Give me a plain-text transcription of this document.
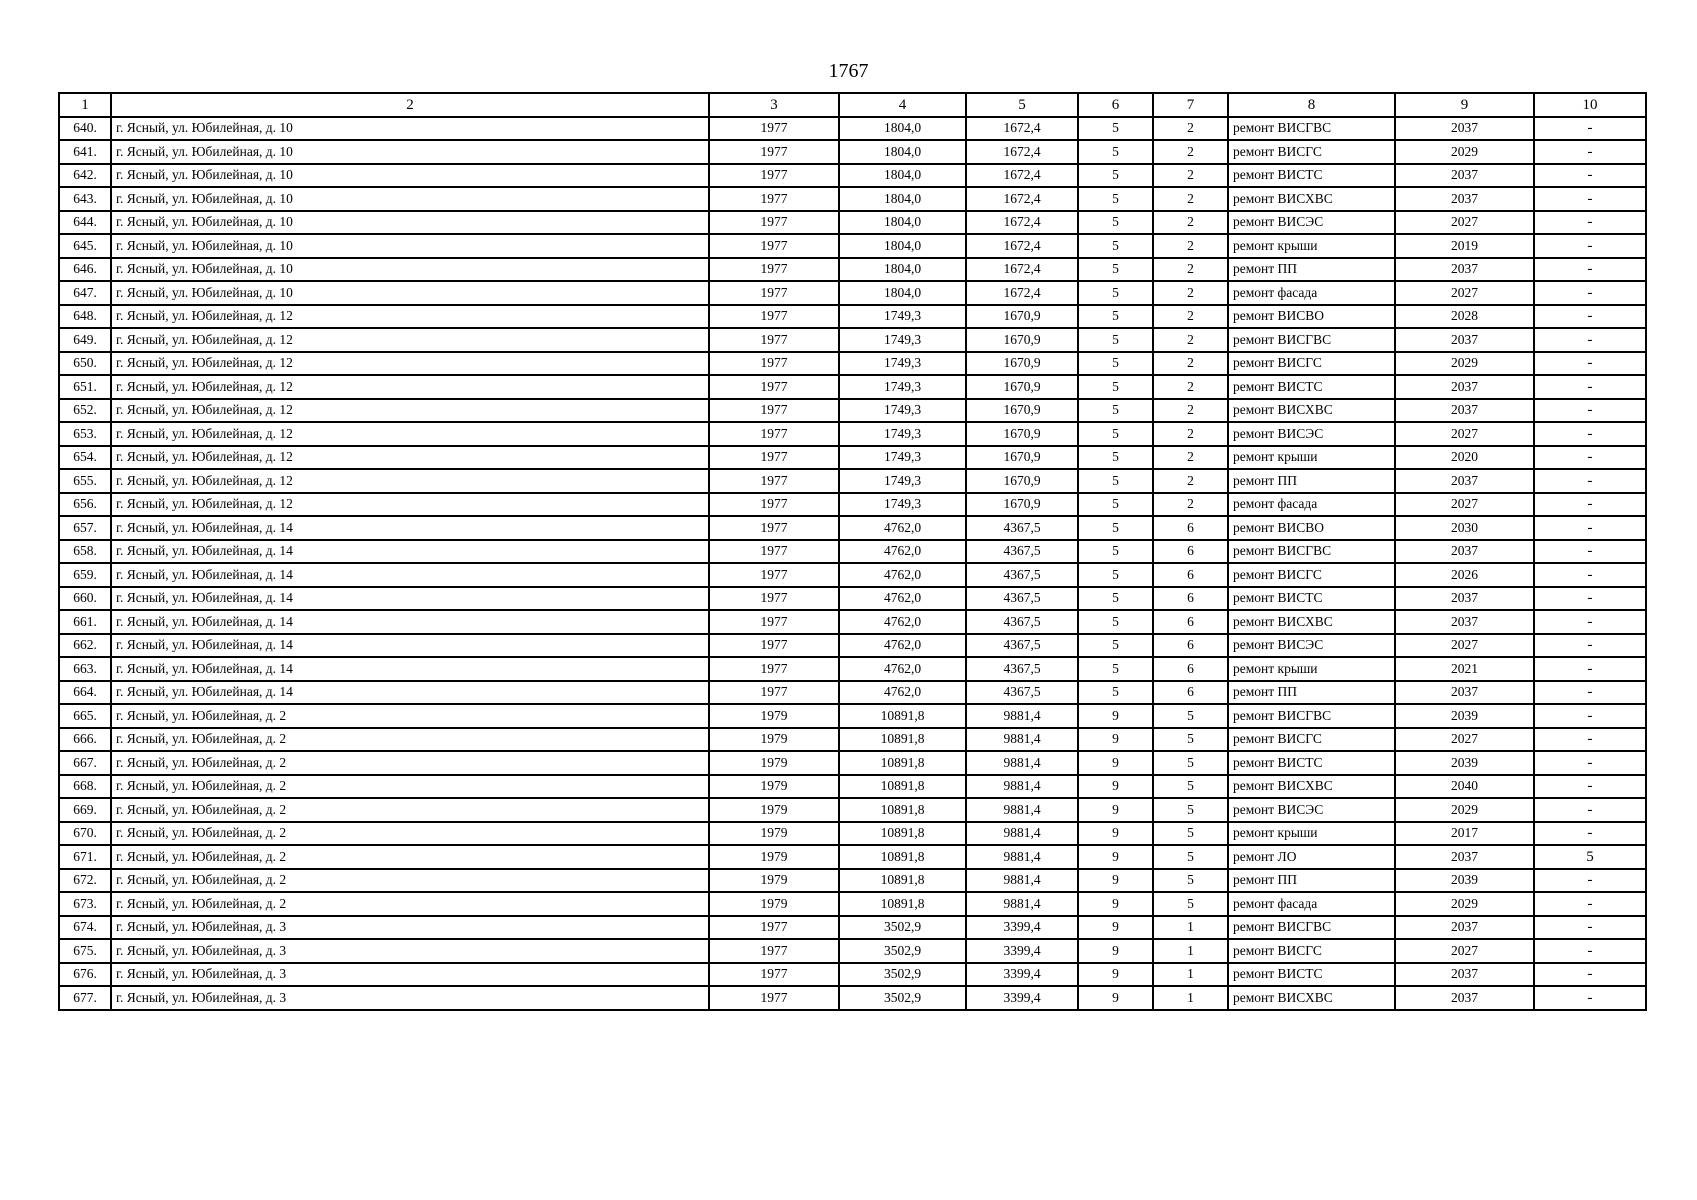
1767
1	2	3	4	5	6	7	8	9	10
640.	г. Ясный, ул. Юбилейная, д. 10	1977	1804,0	1672,4	5	2	ремонт ВИСГВС	2037	-
641.	г. Ясный, ул. Юбилейная, д. 10	1977	1804,0	1672,4	5	2	ремонт ВИСГС	2029	-
642.	г. Ясный, ул. Юбилейная, д. 10	1977	1804,0	1672,4	5	2	ремонт ВИСТС	2037	-
643.	г. Ясный, ул. Юбилейная, д. 10	1977	1804,0	1672,4	5	2	ремонт ВИСХВС	2037	-
644.	г. Ясный, ул. Юбилейная, д. 10	1977	1804,0	1672,4	5	2	ремонт ВИСЭС	2027	-
645.	г. Ясный, ул. Юбилейная, д. 10	1977	1804,0	1672,4	5	2	ремонт крыши	2019	-
646.	г. Ясный, ул. Юбилейная, д. 10	1977	1804,0	1672,4	5	2	ремонт ПП	2037	-
647.	г. Ясный, ул. Юбилейная, д. 10	1977	1804,0	1672,4	5	2	ремонт фасада	2027	-
648.	г. Ясный, ул. Юбилейная, д. 12	1977	1749,3	1670,9	5	2	ремонт ВИСВО	2028	-
649.	г. Ясный, ул. Юбилейная, д. 12	1977	1749,3	1670,9	5	2	ремонт ВИСГВС	2037	-
650.	г. Ясный, ул. Юбилейная, д. 12	1977	1749,3	1670,9	5	2	ремонт ВИСГС	2029	-
651.	г. Ясный, ул. Юбилейная, д. 12	1977	1749,3	1670,9	5	2	ремонт ВИСТС	2037	-
652.	г. Ясный, ул. Юбилейная, д. 12	1977	1749,3	1670,9	5	2	ремонт ВИСХВС	2037	-
653.	г. Ясный, ул. Юбилейная, д. 12	1977	1749,3	1670,9	5	2	ремонт ВИСЭС	2027	-
654.	г. Ясный, ул. Юбилейная, д. 12	1977	1749,3	1670,9	5	2	ремонт крыши	2020	-
655.	г. Ясный, ул. Юбилейная, д. 12	1977	1749,3	1670,9	5	2	ремонт ПП	2037	-
656.	г. Ясный, ул. Юбилейная, д. 12	1977	1749,3	1670,9	5	2	ремонт фасада	2027	-
657.	г. Ясный, ул. Юбилейная, д. 14	1977	4762,0	4367,5	5	6	ремонт ВИСВО	2030	-
658.	г. Ясный, ул. Юбилейная, д. 14	1977	4762,0	4367,5	5	6	ремонт ВИСГВС	2037	-
659.	г. Ясный, ул. Юбилейная, д. 14	1977	4762,0	4367,5	5	6	ремонт ВИСГС	2026	-
660.	г. Ясный, ул. Юбилейная, д. 14	1977	4762,0	4367,5	5	6	ремонт ВИСТС	2037	-
661.	г. Ясный, ул. Юбилейная, д. 14	1977	4762,0	4367,5	5	6	ремонт ВИСХВС	2037	-
662.	г. Ясный, ул. Юбилейная, д. 14	1977	4762,0	4367,5	5	6	ремонт ВИСЭС	2027	-
663.	г. Ясный, ул. Юбилейная, д. 14	1977	4762,0	4367,5	5	6	ремонт крыши	2021	-
664.	г. Ясный, ул. Юбилейная, д. 14	1977	4762,0	4367,5	5	6	ремонт ПП	2037	-
665.	г. Ясный, ул. Юбилейная, д. 2	1979	10891,8	9881,4	9	5	ремонт ВИСГВС	2039	-
666.	г. Ясный, ул. Юбилейная, д. 2	1979	10891,8	9881,4	9	5	ремонт ВИСГС	2027	-
667.	г. Ясный, ул. Юбилейная, д. 2	1979	10891,8	9881,4	9	5	ремонт ВИСТС	2039	-
668.	г. Ясный, ул. Юбилейная, д. 2	1979	10891,8	9881,4	9	5	ремонт ВИСХВС	2040	-
669.	г. Ясный, ул. Юбилейная, д. 2	1979	10891,8	9881,4	9	5	ремонт ВИСЭС	2029	-
670.	г. Ясный, ул. Юбилейная, д. 2	1979	10891,8	9881,4	9	5	ремонт крыши	2017	-
671.	г. Ясный, ул. Юбилейная, д. 2	1979	10891,8	9881,4	9	5	ремонт ЛО	2037	5
672.	г. Ясный, ул. Юбилейная, д. 2	1979	10891,8	9881,4	9	5	ремонт ПП	2039	-
673.	г. Ясный, ул. Юбилейная, д. 2	1979	10891,8	9881,4	9	5	ремонт фасада	2029	-
674.	г. Ясный, ул. Юбилейная, д. 3	1977	3502,9	3399,4	9	1	ремонт ВИСГВС	2037	-
675.	г. Ясный, ул. Юбилейная, д. 3	1977	3502,9	3399,4	9	1	ремонт ВИСГС	2027	-
676.	г. Ясный, ул. Юбилейная, д. 3	1977	3502,9	3399,4	9	1	ремонт ВИСТС	2037	-
677.	г. Ясный, ул. Юбилейная, д. 3	1977	3502,9	3399,4	9	1	ремонт ВИСХВС	2037	-
